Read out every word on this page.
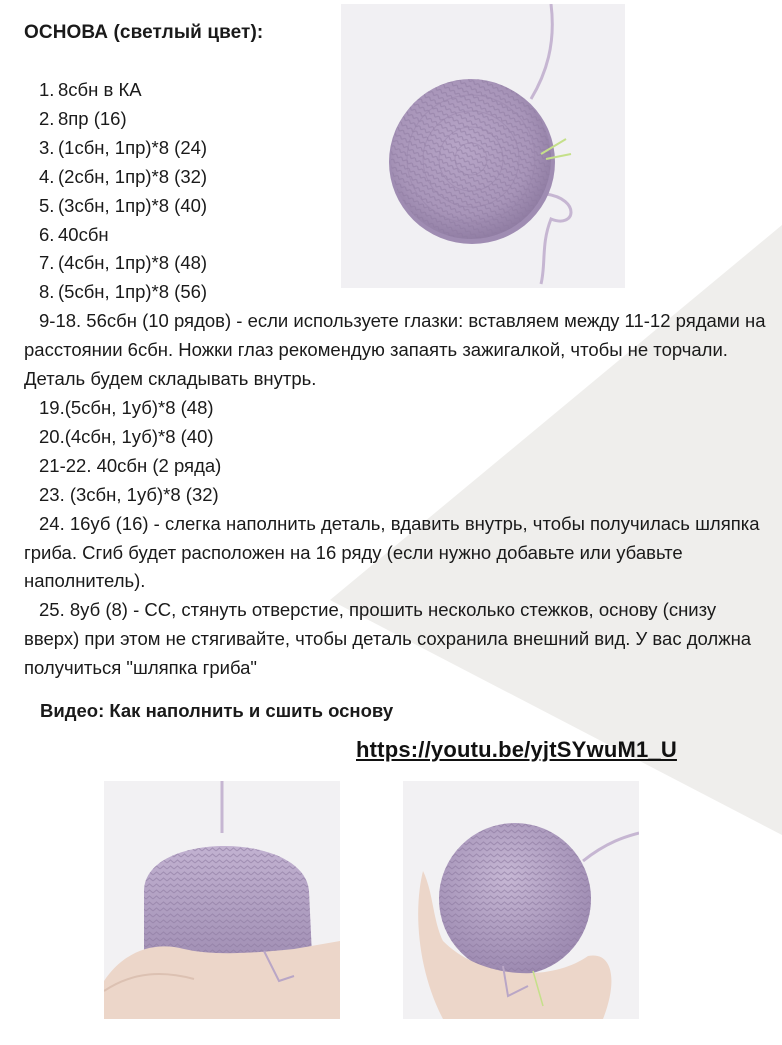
ОСНОВА (светлый цвет):
1. 8сбн в КА
2. 8пр (16)
3. (1сбн, 1пр)*8 (24)
4. (2сбн, 1пр)*8 (32)
5. (3сбн, 1пр)*8 (40)
6. 40сбн
7. (4сбн, 1пр)*8 (48)
8. (5сбн, 1пр)*8 (56)
9-18. 56сбн (10 рядов) - если используете глазки: вставляем между 11-12 рядами на расстоянии 6сбн. Ножки глаз рекомендую запаять зажигалкой, чтобы не торчали. Деталь будем складывать внутрь.
19.(5сбн, 1уб)*8 (48)
20.(4сбн, 1уб)*8 (40)
21-22. 40сбн (2 ряда)
23. (3сбн, 1уб)*8 (32)
24. 16уб (16) - слегка наполнить деталь, вдавить внутрь, чтобы получилась шляпка гриба. Сгиб будет расположен на 16 ряду (если нужно добавьте или убавьте наполнитель).
25. 8уб (8) - СС, стянуть отверстие, прошить несколько стежков, основу (снизу вверх) при этом не стягивайте, чтобы деталь сохранила внешний вид. У вас должна получиться "шляпка гриба"
Видео: Как наполнить и сшить основу
https://youtu.be/yjtSYwuM1_U
